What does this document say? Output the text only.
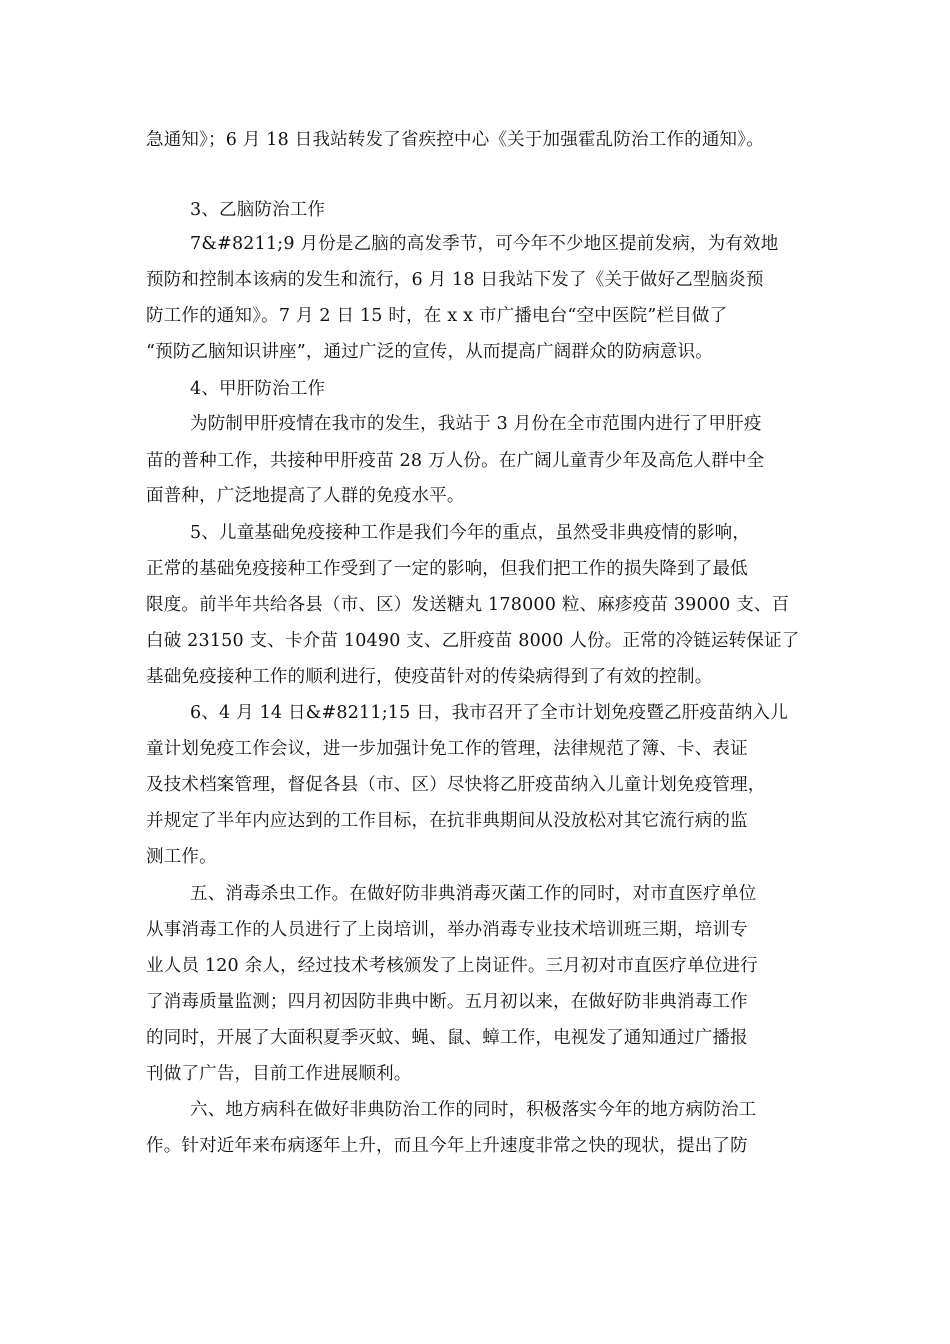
急通知》；6 月 18 日我站转发了省疾控中心《关于加强霍乱防治工作的通知》。
3、乙脑防治工作
7&#8211;9 月份是乙脑的高发季节，可今年不少地区提前发病，为有效地
预防和控制本该病的发生和流行，6 月 18 日我站下发了《关于做好乙型脑炎预
防工作的通知》。7 月 2 日 15 时，在 x x 市广播电台“空中医院”栏目做了
“预防乙脑知识讲座”，通过广泛的宣传，从而提高广阔群众的防病意识。
4、甲肝防治工作
为防制甲肝疫情在我市的发生，我站于 3 月份在全市范围内进行了甲肝疫
苗的普种工作，共接种甲肝疫苗 28 万人份。在广阔儿童青少年及高危人群中全
面普种，广泛地提高了人群的免疫水平。
5、儿童基础免疫接种工作是我们今年的重点，虽然受非典疫情的影响，
正常的基础免疫接种工作受到了一定的影响，但我们把工作的损失降到了最低
限度。前半年共给各县（市、区）发送糖丸 178000 粒、麻疹疫苗 39000 支、百
白破 23150 支、卡介苗 10490 支、乙肝疫苗 8000 人份。正常的冷链运转保证了
基础免疫接种工作的顺利进行，使疫苗针对的传染病得到了有效的控制。
6、4 月 14 日&#8211;15 日，我市召开了全市计划免疫暨乙肝疫苗纳入儿
童计划免疫工作会议，进一步加强计免工作的管理，法律规范了簿、卡、表证
及技术档案管理，督促各县（市、区）尽快将乙肝疫苗纳入儿童计划免疫管理，
并规定了半年内应达到的工作目标，在抗非典期间从没放松对其它流行病的监
测工作。
五、消毒杀虫工作。在做好防非典消毒灭菌工作的同时，对市直医疗单位
从事消毒工作的人员进行了上岗培训，举办消毒专业技术培训班三期，培训专
业人员 120 余人，经过技术考核颁发了上岗证件。三月初对市直医疗单位进行
了消毒质量监测；四月初因防非典中断。五月初以来，在做好防非典消毒工作
的同时，开展了大面积夏季灭蚊、蝇、鼠、蟑工作，电视发了通知通过广播报
刊做了广告，目前工作进展顺利。
六、地方病科在做好非典防治工作的同时，积极落实今年的地方病防治工
作。针对近年来布病逐年上升，而且今年上升速度非常之快的现状，提出了防
